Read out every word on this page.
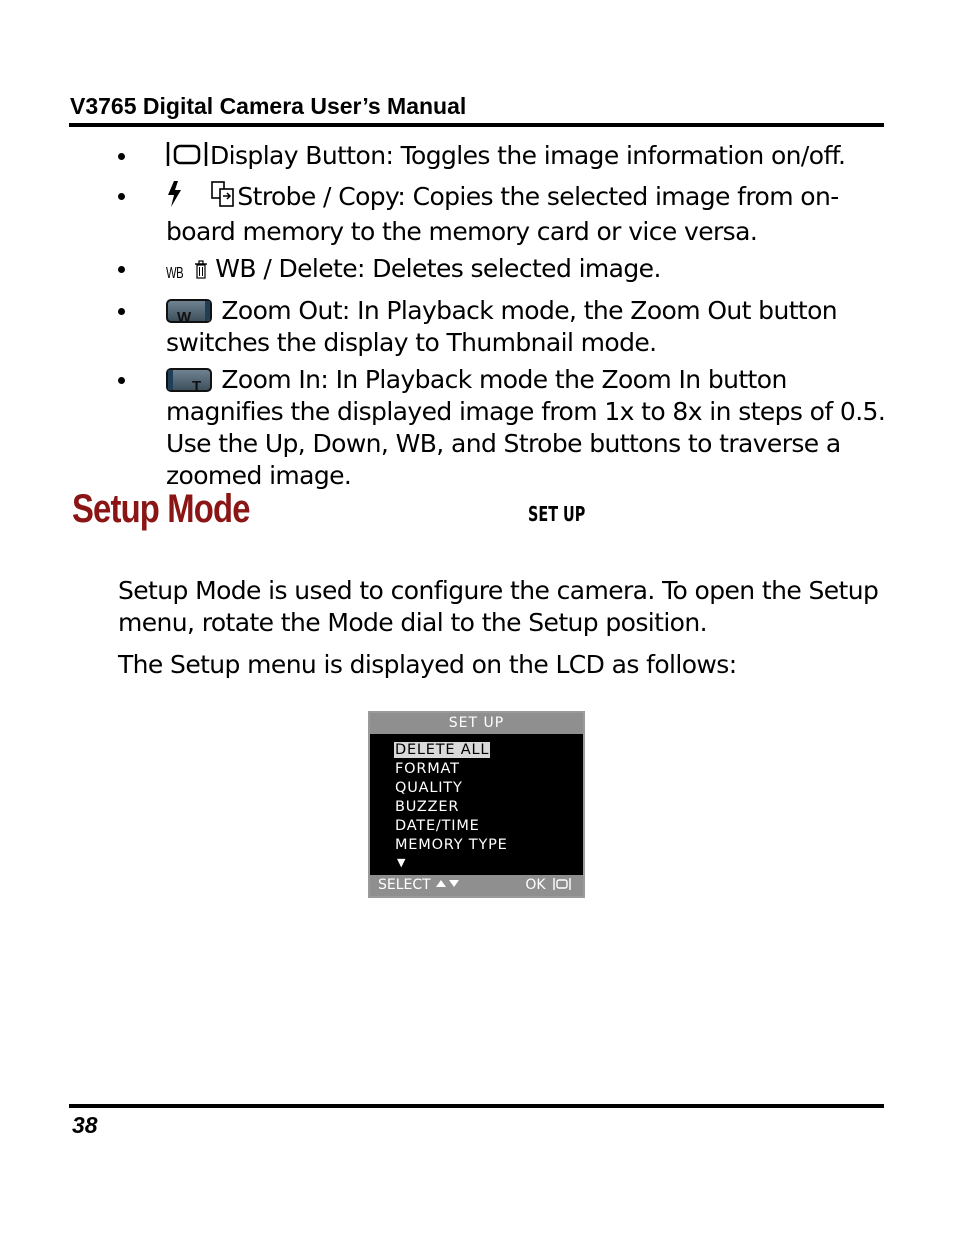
V3765 Digital Camera User’s Manual
Display Button: Toggles the image information on/off.
Strobe / Copy: Copies the selected image from on-board memory to the memory card or vice versa.
WB WB / Delete: Deletes selected image.
W Zoom Out: In Playback mode, the Zoom Out button switches the display to Thumbnail mode.
T Zoom In: In Playback mode the Zoom In button magnifies the displayed image from 1x to 8x in steps of 0.5. Use the Up, Down, WB, and Strobe buttons to traverse a zoomed image.
Setup Mode	SET UP
Setup Mode is used to configure the camera. To open the Setup menu, rotate the Mode dial to the Setup position.
The Setup menu is displayed on the LCD as follows:
SET UP
DELETE ALL
FORMAT
QUALITY
BUZZER
DATE/TIME
MEMORY TYPE
▼
SELECT	OK
38
